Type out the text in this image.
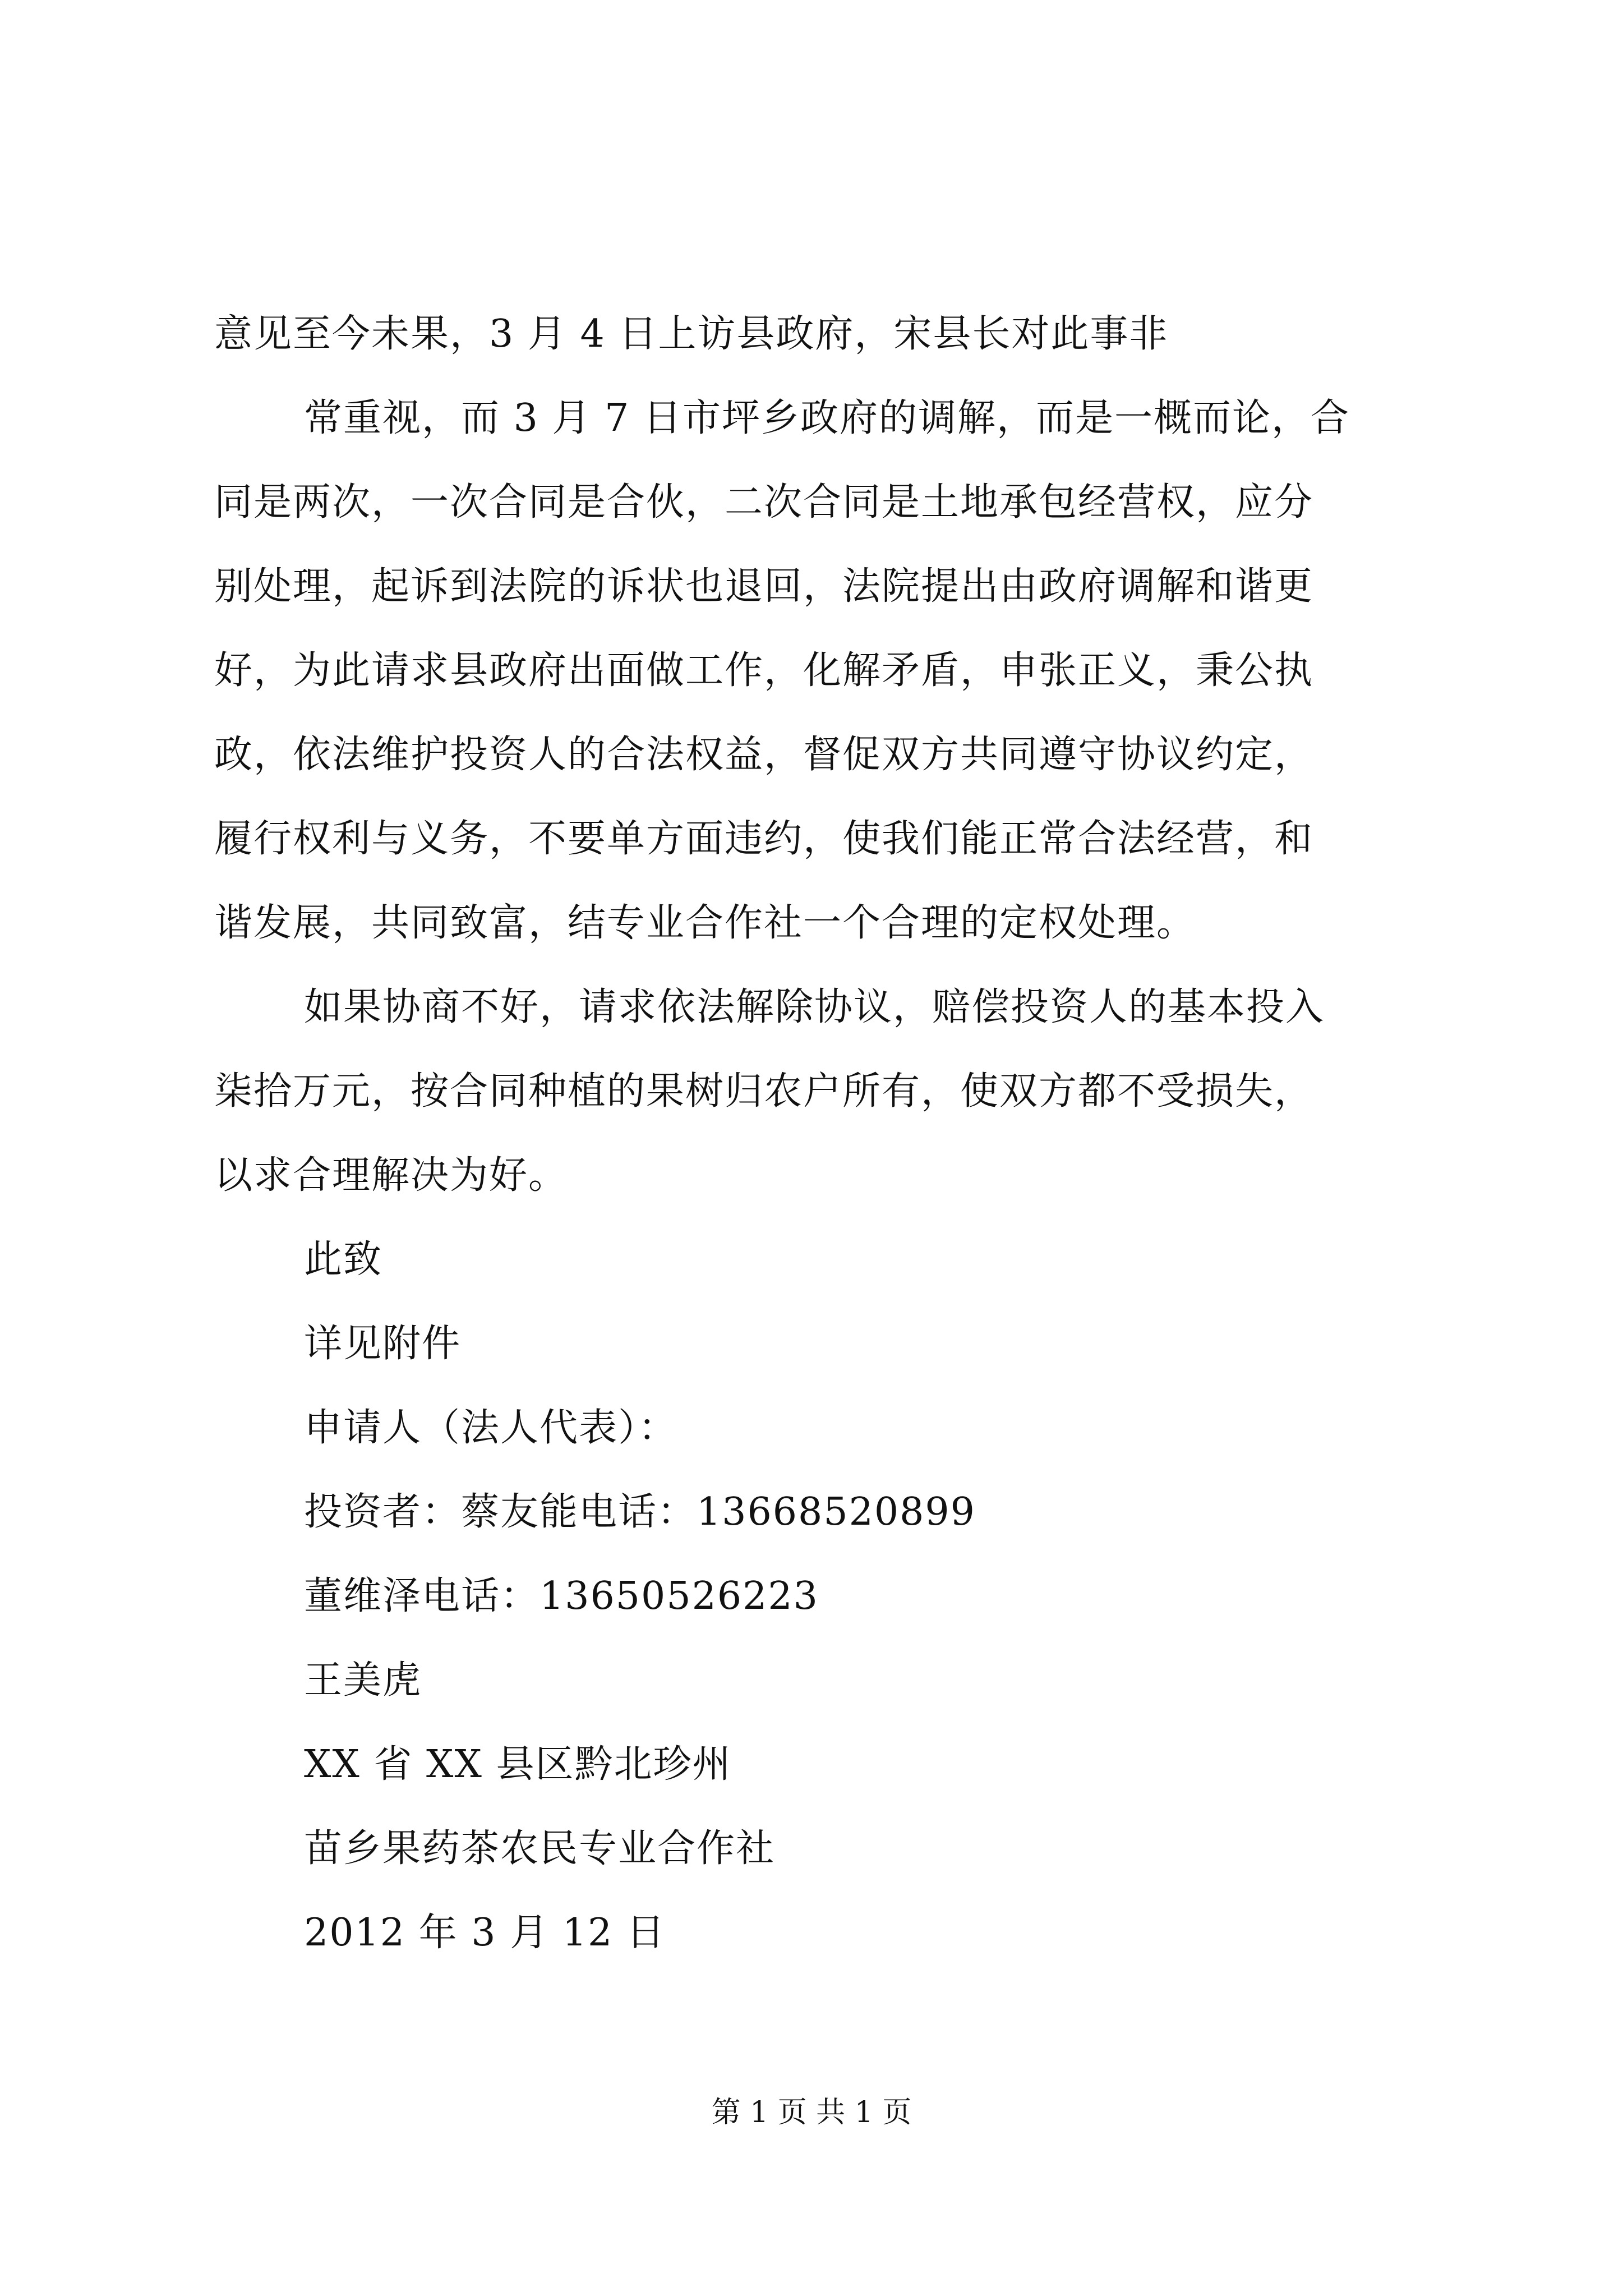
意见至今未果，3 月 4 日上访县政府，宋县长对此事非
常重视，而 3 月 7 日市坪乡政府的调解，而是一概而论，合
同是两次，一次合同是合伙，二次合同是土地承包经营权，应分
别处理，起诉到法院的诉状也退回，法院提出由政府调解和谐更
好，为此请求县政府出面做工作，化解矛盾，申张正义，秉公执
政，依法维护投资人的合法权益，督促双方共同遵守协议约定，
履行权利与义务，不要单方面违约，使我们能正常合法经营，和
谐发展，共同致富，结专业合作社一个合理的定权处理。
如果协商不好，请求依法解除协议，赔偿投资人的基本投入
柒拾万元，按合同种植的果树归农户所有，使双方都不受损失，
以求合理解决为好。
此致
详见附件
申请人（法人代表）：
投资者：蔡友能电话：13668520899
董维泽电话：13650526223
王美虎
XX 省 XX 县区黔北珍州
苗乡果药茶农民专业合作社
2012 年 3 月 12 日
第 1 页 共 1 页
